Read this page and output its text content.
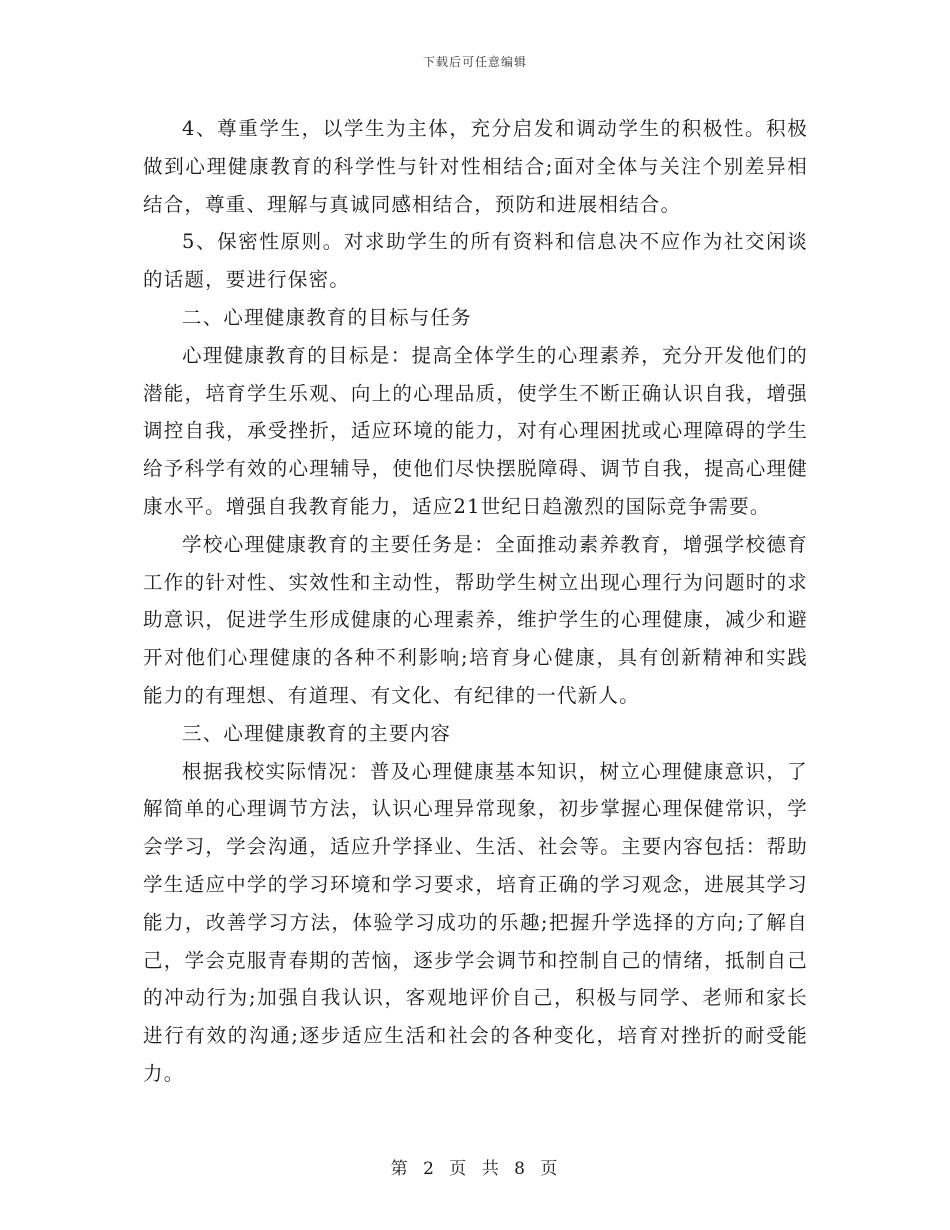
下载后可任意编辑

4、尊重学生，以学生为主体，充分启发和调动学生的积极性。积极做到心理健康教育的科学性与针对性相结合;面对全体与关注个别差异相结合，尊重、理解与真诚同感相结合，预防和进展相结合。

5、保密性原则。对求助学生的所有资料和信息决不应作为社交闲谈的话题，要进行保密。

二、心理健康教育的目标与任务

心理健康教育的目标是：提高全体学生的心理素养，充分开发他们的潜能，培育学生乐观、向上的心理品质，使学生不断正确认识自我，增强调控自我，承受挫折，适应环境的能力，对有心理困扰或心理障碍的学生给予科学有效的心理辅导，使他们尽快摆脱障碍、调节自我，提高心理健康水平。增强自我教育能力，适应21世纪日趋激烈的国际竞争需要。

学校心理健康教育的主要任务是：全面推动素养教育，增强学校德育工作的针对性、实效性和主动性，帮助学生树立出现心理行为问题时的求助意识，促进学生形成健康的心理素养，维护学生的心理健康，减少和避开对他们心理健康的各种不利影响;培育身心健康，具有创新精神和实践能力的有理想、有道理、有文化、有纪律的一代新人。

三、心理健康教育的主要内容

根据我校实际情况：普及心理健康基本知识，树立心理健康意识，了解简单的心理调节方法，认识心理异常现象，初步掌握心理保健常识，学会学习，学会沟通，适应升学择业、生活、社会等。主要内容包括：帮助学生适应中学的学习环境和学习要求，培育正确的学习观念，进展其学习能力，改善学习方法，体验学习成功的乐趣;把握升学选择的方向;了解自己，学会克服青春期的苦恼，逐步学会调节和控制自己的情绪，抵制自己的冲动行为;加强自我认识，客观地评价自己，积极与同学、老师和家长进行有效的沟通;逐步适应生活和社会的各种变化，培育对挫折的耐受能力。

第 2 页 共 8 页
